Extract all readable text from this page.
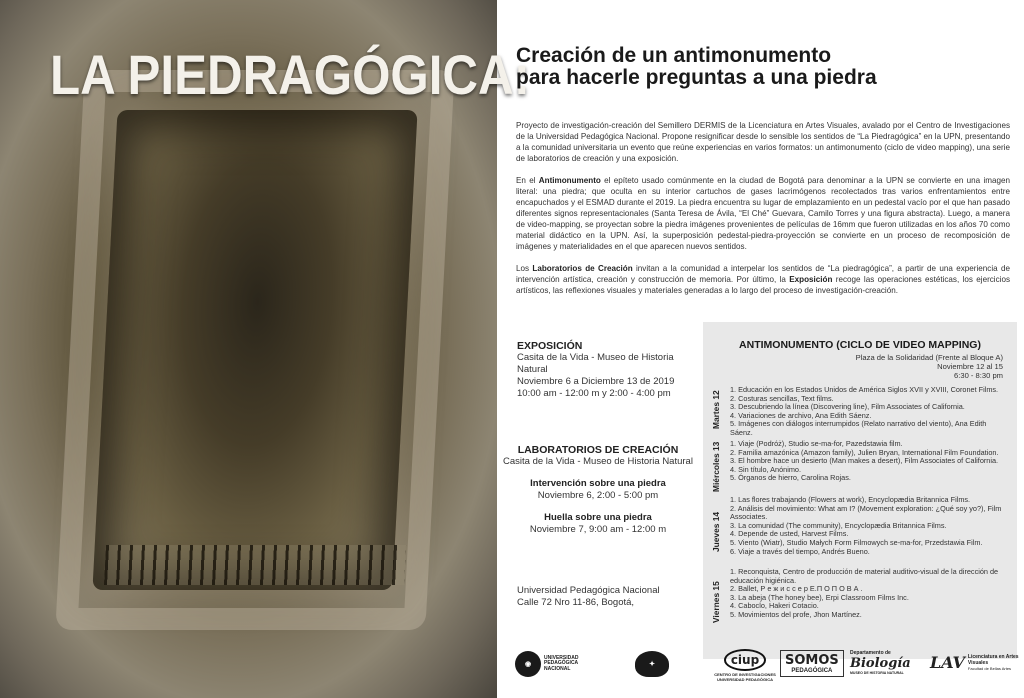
LA PIEDRAGÓGICA:
Creación de un antimonumento
para hacerle preguntas a una piedra

Proyecto de investigación-creación del Semillero DERMIS de la Licenciatura en Artes Visuales, avalado por el Centro de Investigaciones de la Universidad Pedagógica Nacional. Propone resignificar desde lo sensible los sentidos de “La Piedragógica” en la UPN, presentando a la comunidad universitaria un evento que reúne experiencias en varios formatos: un antimonumento (ciclo de video mapping), una serie de laboratorios de creación y una exposición.

En el Antimonumento el epíteto usado comúnmente en la ciudad de Bogotá para denominar a la UPN se convierte en una imagen literal: una piedra; que oculta en su interior cartuchos de gases lacrimógenos recolectados tras varios enfrentamientos entre encapuchados y el ESMAD durante el 2019. La piedra encuentra su lugar de emplazamiento en un pedestal vacío por el que han pasado diferentes signos representacionales (Santa Teresa de Ávila, “El Ché” Guevara, Camilo Torres y una figura abstracta). Luego, a manera de video-mapping, se proyectan sobre la piedra imágenes provenientes de películas de 16mm que fueron utilizadas en los años 70 como material didáctico en la UPN. Así, la superposición pedestal-piedra-proyección se convierte en un proceso de recomposición de imágenes y materialidades en el que aparecen nuevos sentidos.

Los Laboratorios de Creación invitan a la comunidad a interpelar los sentidos de “La piedragógica”, a partir de una experiencia de intervención artística, creación y construcción de memoria. Por último, la Exposición recoge las operaciones estéticas, los ejercicios artísticos, las reflexiones visuales y materiales generadas a lo largo del proceso de investigación-creación.

EXPOSICIÓN
Casita de la Vida - Museo de Historia Natural
Noviembre 6 a Diciembre 13 de 2019
10:00 am - 12:00 m y 2:00 - 4:00 pm
LABORATORIOS DE CREACIÓN
Casita de la Vida - Museo de Historia Natural
Intervención sobre una piedra
Noviembre 6, 2:00 - 5:00 pm
Huella sobre una piedra
Noviembre 7, 9:00 am - 12:00 m
Universidad Pedagógica Nacional
Calle 72 Nro 11-86, Bogotá,
ANTIMONUMENTO (CICLO DE VIDEO MAPPING)
Plaza de la Solidaridad (Frente al Bloque A)
Noviembre 12 al 15
6:30 - 8:30 pm
Martes 12
1. Educación en los Estados Unidos de América Siglos XVII y XVIII, Coronet Films.
2. Costuras sencillas, Text films.
3. Descubriendo la línea (Discovering line), Film Associates of California.
4. Variaciones de archivo, Ana Edith Sáenz.
5. Imágenes con diálogos interrumpidos (Relato narrativo del viento), Ana Edith Sáenz.
Miércoles 13 1. Viaje (Podróż), Studio se-ma-for, Pazedstawia film.
2. Familia amazónica (Amazon family), Julien Bryan, International Film Foundation.
3. El hombre hace un desierto (Man makes a desert), Film Associates of California.
4. Sin título, Anónimo.
5. Órganos de hierro, Carolina Rojas.
Jueves 14
1. Las flores trabajando (Flowers at work), Encyclopædia Britannica Films.
2. Análisis del movimiento: What am I? (Movement exploration: ¿Qué soy yo?), Film Associates.
3. La comunidad (The community), Encyclopædia Britannica Films.
4. Depende de usted, Harvest Films.
5. Viento (Wiatr), Studio Małych Form Filmowych se-ma-for, Przedstawia Film.
6. Viaje a través del tiempo, Andrés Bueno.
Viernes 15
1. Reconquista, Centro de producción de material auditivo-visual de la dirección de educación higiénica.
2. Ballet, Р е ж и с с е р Е.П О П О В А .
3. La abeja (The honey bee), Erpi Classroom Films Inc.
4. Caboclo, Hakeri Cotacio.
5. Movimientos del profe, Jhon Martínez.
◉
UNIVERSIDAD PEDAGÓGICA NACIONAL
✦	ciup
CENTRO DE INVESTIGACIONES UNIVERSIDAD PEDAGÓGICA
SOMOS
PEDAGÓGICA
Departamento de
Biología
MUSEO DE HISTORIA NATURAL
LAV Licenciatura en Artes Visuales
Facultad de Bellas Artes
